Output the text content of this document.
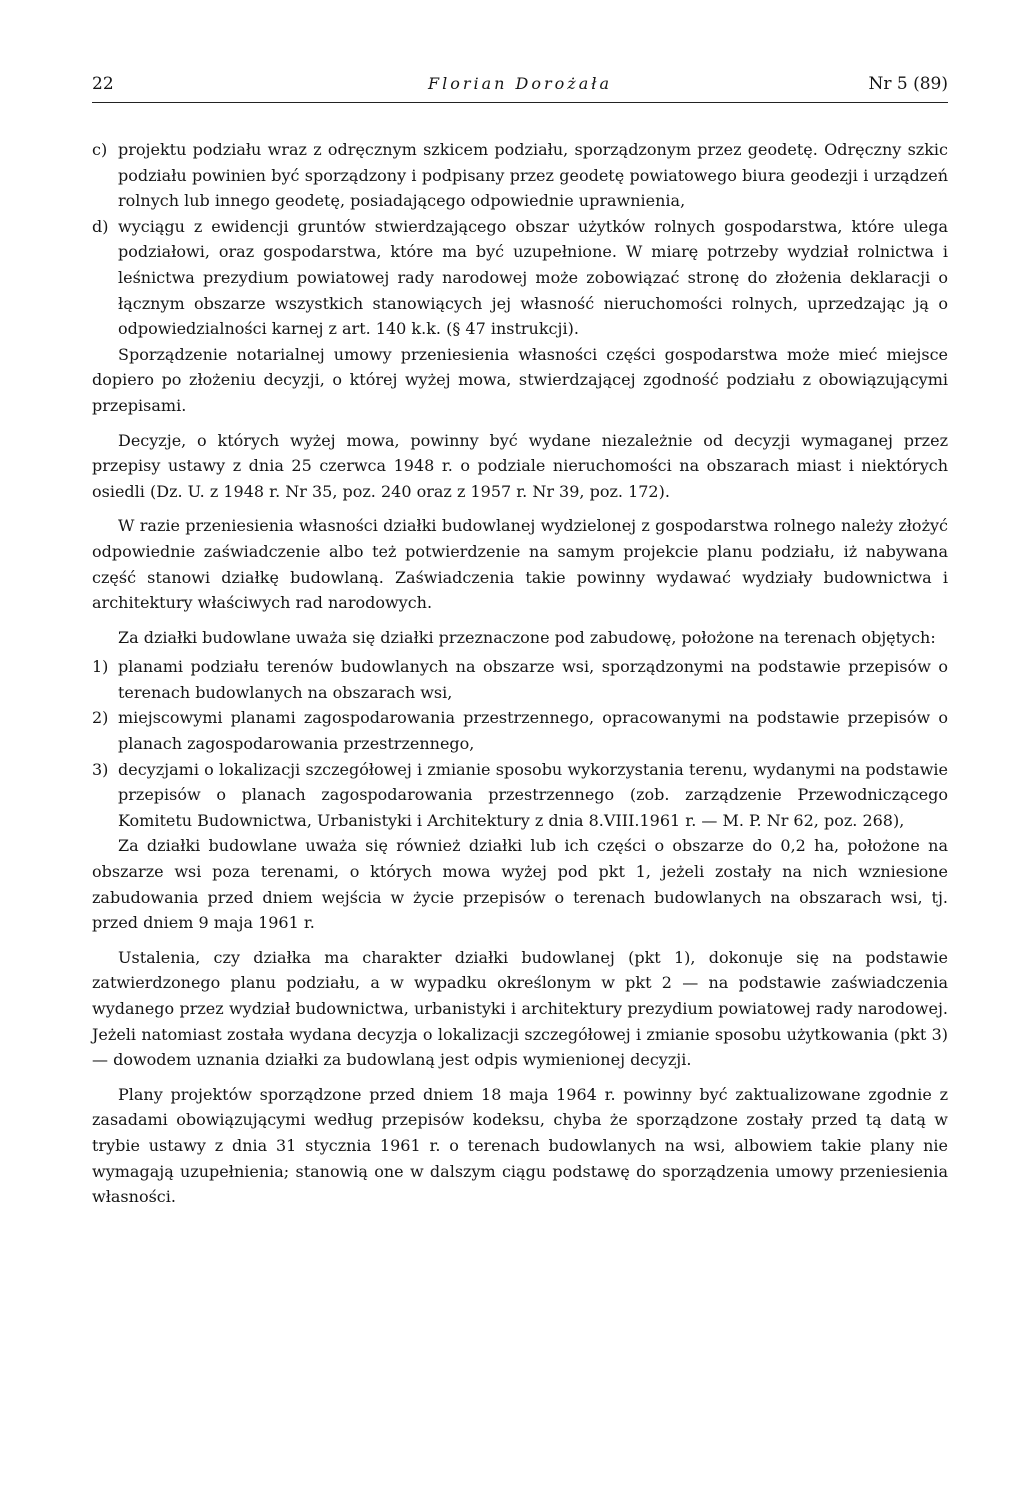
22	Florian Dorożała	Nr 5 (89)
c) projektu podziału wraz z odręcznym szkicem podziału, sporządzonym przez geodetę. Odręczny szkic podziału powinien być sporządzony i podpisany przez geodetę powiatowego biura geodezji i urządzeń rolnych lub innego geodetę, posiadającego odpowiednie uprawnienia,
d) wyciągu z ewidencji gruntów stwierdzającego obszar użytków rolnych gospodarstwa, które ulega podziałowi, oraz gospodarstwa, które ma być uzupełnione. W miarę potrzeby wydział rolnictwa i leśnictwa prezydium powiatowej rady narodowej może zobowiązać stronę do złożenia deklaracji o łącznym obszarze wszystkich stanowiących jej własność nieruchomości rolnych, uprzedzając ją o odpowiedzialności karnej z art. 140 k.k. (§ 47 instrukcji).

Sporządzenie notarialnej umowy przeniesienia własności części gospodarstwa może mieć miejsce dopiero po złożeniu decyzji, o której wyżej mowa, stwierdzającej zgodność podziału z obowiązującymi przepisami.

Decyzje, o których wyżej mowa, powinny być wydane niezależnie od decyzji wymaganej przez przepisy ustawy z dnia 25 czerwca 1948 r. o podziale nieruchomości na obszarach miast i niektórych osiedli (Dz. U. z 1948 r. Nr 35, poz. 240 oraz z 1957 r. Nr 39, poz. 172).

W razie przeniesienia własności działki budowlanej wydzielonej z gospodarstwa rolnego należy złożyć odpowiednie zaświadczenie albo też potwierdzenie na samym projekcie planu podziału, iż nabywana część stanowi działkę budowlaną. Zaświadczenia takie powinny wydawać wydziały budownictwa i architektury właściwych rad narodowych.

Za działki budowlane uważa się działki przeznaczone pod zabudowę, położone na terenach objętych:

1) planami podziału terenów budowlanych na obszarze wsi, sporządzonymi na podstawie przepisów o terenach budowlanych na obszarach wsi,
2) miejscowymi planami zagospodarowania przestrzennego, opracowanymi na podstawie przepisów o planach zagospodarowania przestrzennego,
3) decyzjami o lokalizacji szczegółowej i zmianie sposobu wykorzystania terenu, wydanymi na podstawie przepisów o planach zagospodarowania przestrzennego (zob. zarządzenie Przewodniczącego Komitetu Budownictwa, Urbanistyki i Architektury z dnia 8.VIII.1961 r. — M. P. Nr 62, poz. 268),

Za działki budowlane uważa się również działki lub ich części o obszarze do 0,2 ha, położone na obszarze wsi poza terenami, o których mowa wyżej pod pkt 1, jeżeli zostały na nich wzniesione zabudowania przed dniem wejścia w życie przepisów o terenach budowlanych na obszarach wsi, tj. przed dniem 9 maja 1961 r.

Ustalenia, czy działka ma charakter działki budowlanej (pkt 1), dokonuje się na podstawie zatwierdzonego planu podziału, a w wypadku określonym w pkt 2 — na podstawie zaświadczenia wydanego przez wydział budownictwa, urbanistyki i architektury prezydium powiatowej rady narodowej. Jeżeli natomiast została wydana decyzja o lokalizacji szczegółowej i zmianie sposobu użytkowania (pkt 3) — dowodem uznania działki za budowlaną jest odpis wymienionej decyzji.

Plany projektów sporządzone przed dniem 18 maja 1964 r. powinny być zaktualizowane zgodnie z zasadami obowiązującymi według przepisów kodeksu, chyba że sporządzone zostały przed tą datą w trybie ustawy z dnia 31 stycznia 1961 r. o terenach budowlanych na wsi, albowiem takie plany nie wymagają uzupełnienia; stanowią one w dalszym ciągu podstawę do sporządzenia umowy przeniesienia własności.
